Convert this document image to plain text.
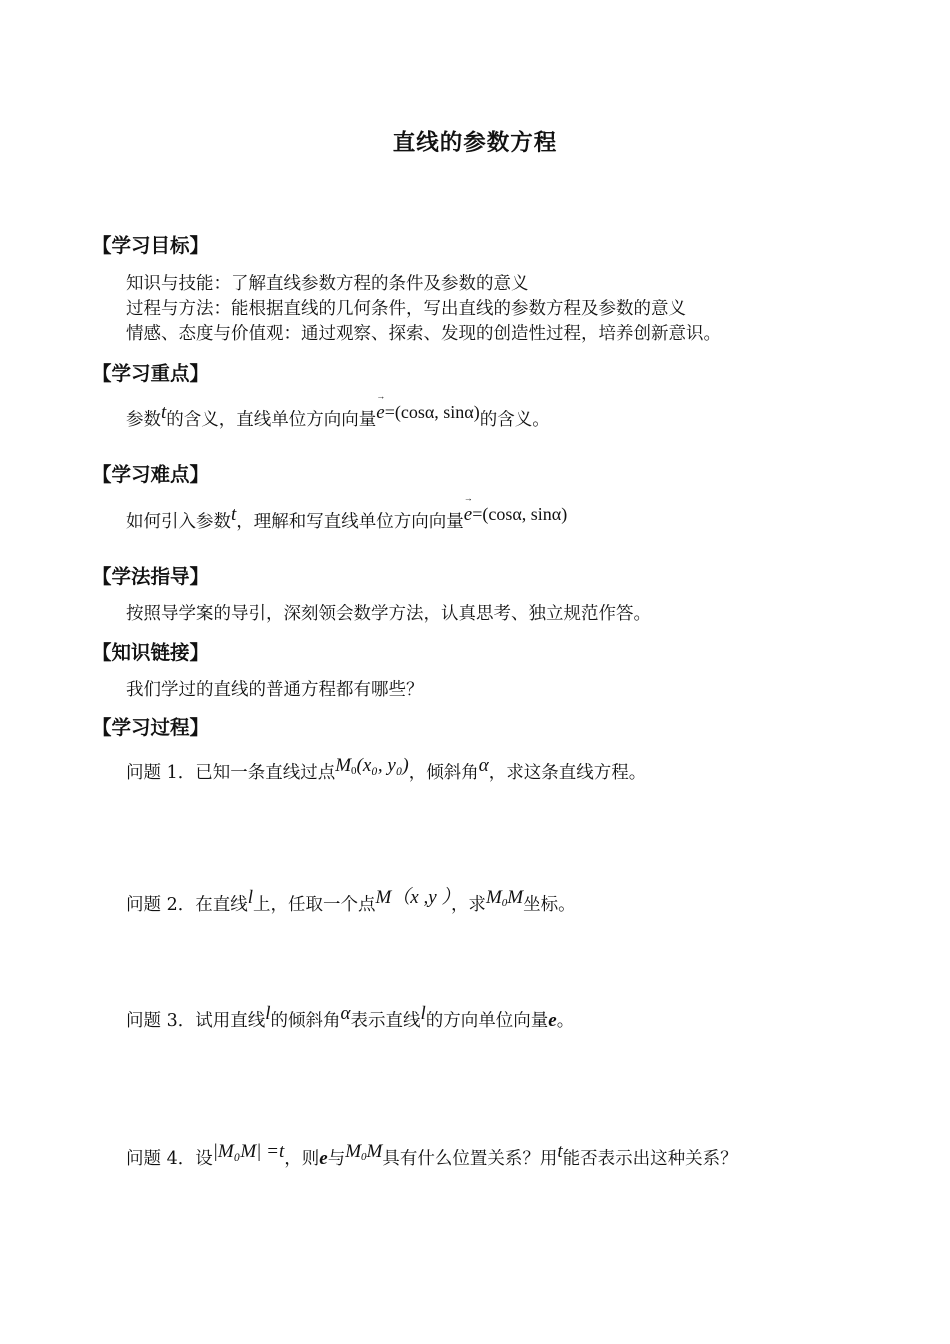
直线的参数方程
【学习目标】
知识与技能：了解直线参数方程的条件及参数的意义
过程与方法：能根据直线的几何条件，写出直线的参数方程及参数的意义
情感、态度与价值观：通过观察、探索、发现的创造性过程，培养创新意识。
【学习重点】
参数t的含义，直线单位方向向量→ e=(cosα, sinα)的含义。
【学习难点】
如何引入参数t，理解和写直线单位方向向量→ e=(cosα, sinα)
【学法指导】
按照导学案的导引，深刻领会数学方法，认真思考、独立规范作答。
【知识链接】
我们学过的直线的普通方程都有哪些？
【学习过程】
问题 1．已知一条直线过点$M_0(x_0$, y₀)，倾斜角α，求这条直线方程。
问题 2．在直线l上，任取一个点M（x ,y ），求$M_0M$坐标。
问题 3．试用直线l的倾斜角α表示直线l的方向单位向量e。
问题 4．设|M₀M| =t，则e与$M_0M$具有什么位置关系？用t能否表示出这种关系？
